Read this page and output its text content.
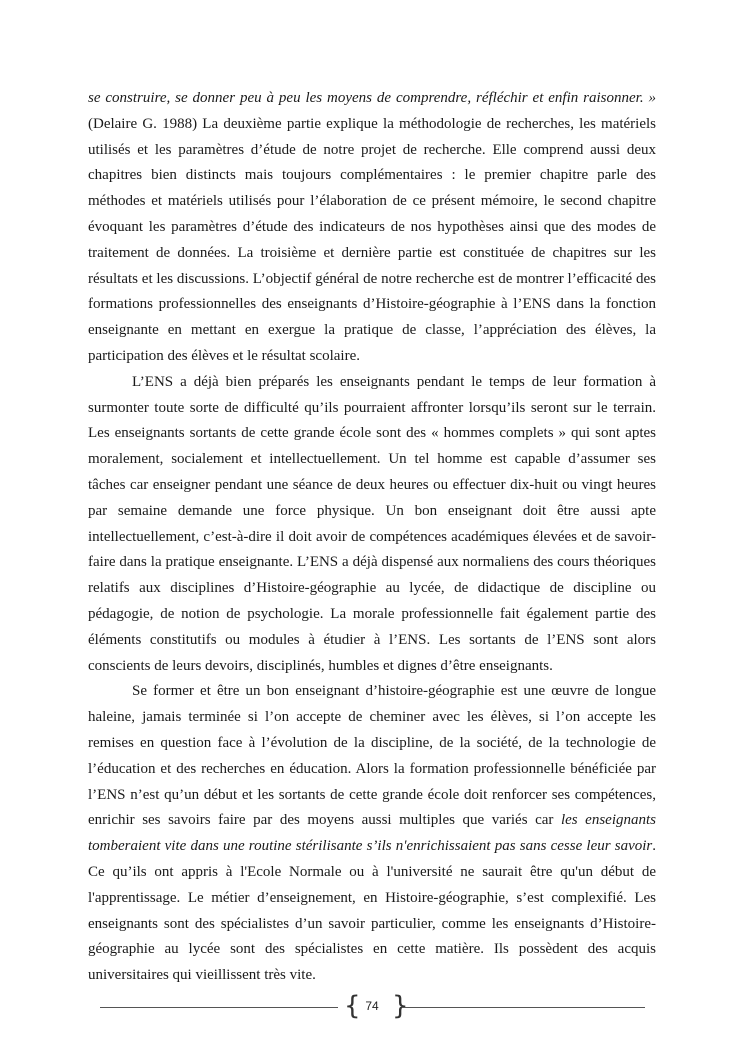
se construire, se donner peu à peu les moyens de comprendre, réfléchir et enfin raisonner. » (Delaire G. 1988) La deuxième partie explique la méthodologie de recherches, les matériels utilisés et les paramètres d’étude de notre projet de recherche. Elle comprend aussi deux chapitres bien distincts mais toujours complémentaires : le premier chapitre parle des méthodes et matériels utilisés pour l’élaboration de ce présent mémoire, le second chapitre évoquant les paramètres d’étude des indicateurs de nos hypothèses ainsi que des modes de traitement de données. La troisième et dernière partie est constituée de chapitres sur les résultats et les discussions. L’objectif général de notre recherche est de montrer l’efficacité des formations professionnelles des enseignants d’Histoire-géographie à l’ENS dans la fonction enseignante en mettant en exergue la pratique de classe, l’appréciation des élèves, la participation des élèves et le résultat scolaire.

L’ENS a déjà bien préparés les enseignants pendant le temps de leur formation à surmonter toute sorte de difficulté qu’ils pourraient affronter lorsqu’ils seront sur le terrain. Les enseignants sortants de cette grande école sont des « hommes complets » qui sont aptes moralement, socialement et intellectuellement. Un tel homme est capable d’assumer ses tâches car enseigner pendant une séance de deux heures ou effectuer dix-huit ou vingt heures par semaine demande une force physique. Un bon enseignant doit être aussi apte intellectuellement, c’est-à-dire il doit avoir de compétences académiques élevées et de savoir-faire dans la pratique enseignante. L’ENS a déjà dispensé aux normaliens des cours théoriques relatifs aux disciplines d’Histoire-géographie au lycée, de didactique de discipline ou pédagogie, de notion de psychologie. La morale professionnelle fait également partie des éléments constitutifs ou modules à étudier à l’ENS. Les sortants de l’ENS sont alors conscients de leurs devoirs, disciplinés, humbles et dignes d’être enseignants.

Se former et être un bon enseignant d’histoire-géographie est une œuvre de longue haleine, jamais terminée si l’on accepte de cheminer avec les élèves, si l’on accepte les remises en question face à l’évolution de la discipline, de la société, de la technologie de l’éducation et des recherches en éducation. Alors la formation professionnelle bénéficiée par l’ENS n’est qu’un début et les sortants de cette grande école doit renforcer ses compétences, enrichir ses savoirs faire par des moyens aussi multiples que variés car les enseignants tomberaient vite dans une routine stérilisante s’ils n'enrichissaient pas sans cesse leur savoir. Ce qu’ils ont appris à l'Ecole Normale ou à l'université ne saurait être qu'un début de l'apprentissage. Le métier d’enseignement, en Histoire-géographie, s’est complexifié. Les enseignants sont des spécialistes d’un savoir particulier, comme les enseignants d’Histoire-géographie au lycée sont des spécialistes en cette matière. Ils possèdent des acquis universitaires qui vieillissent très vite.

{ 74 }
